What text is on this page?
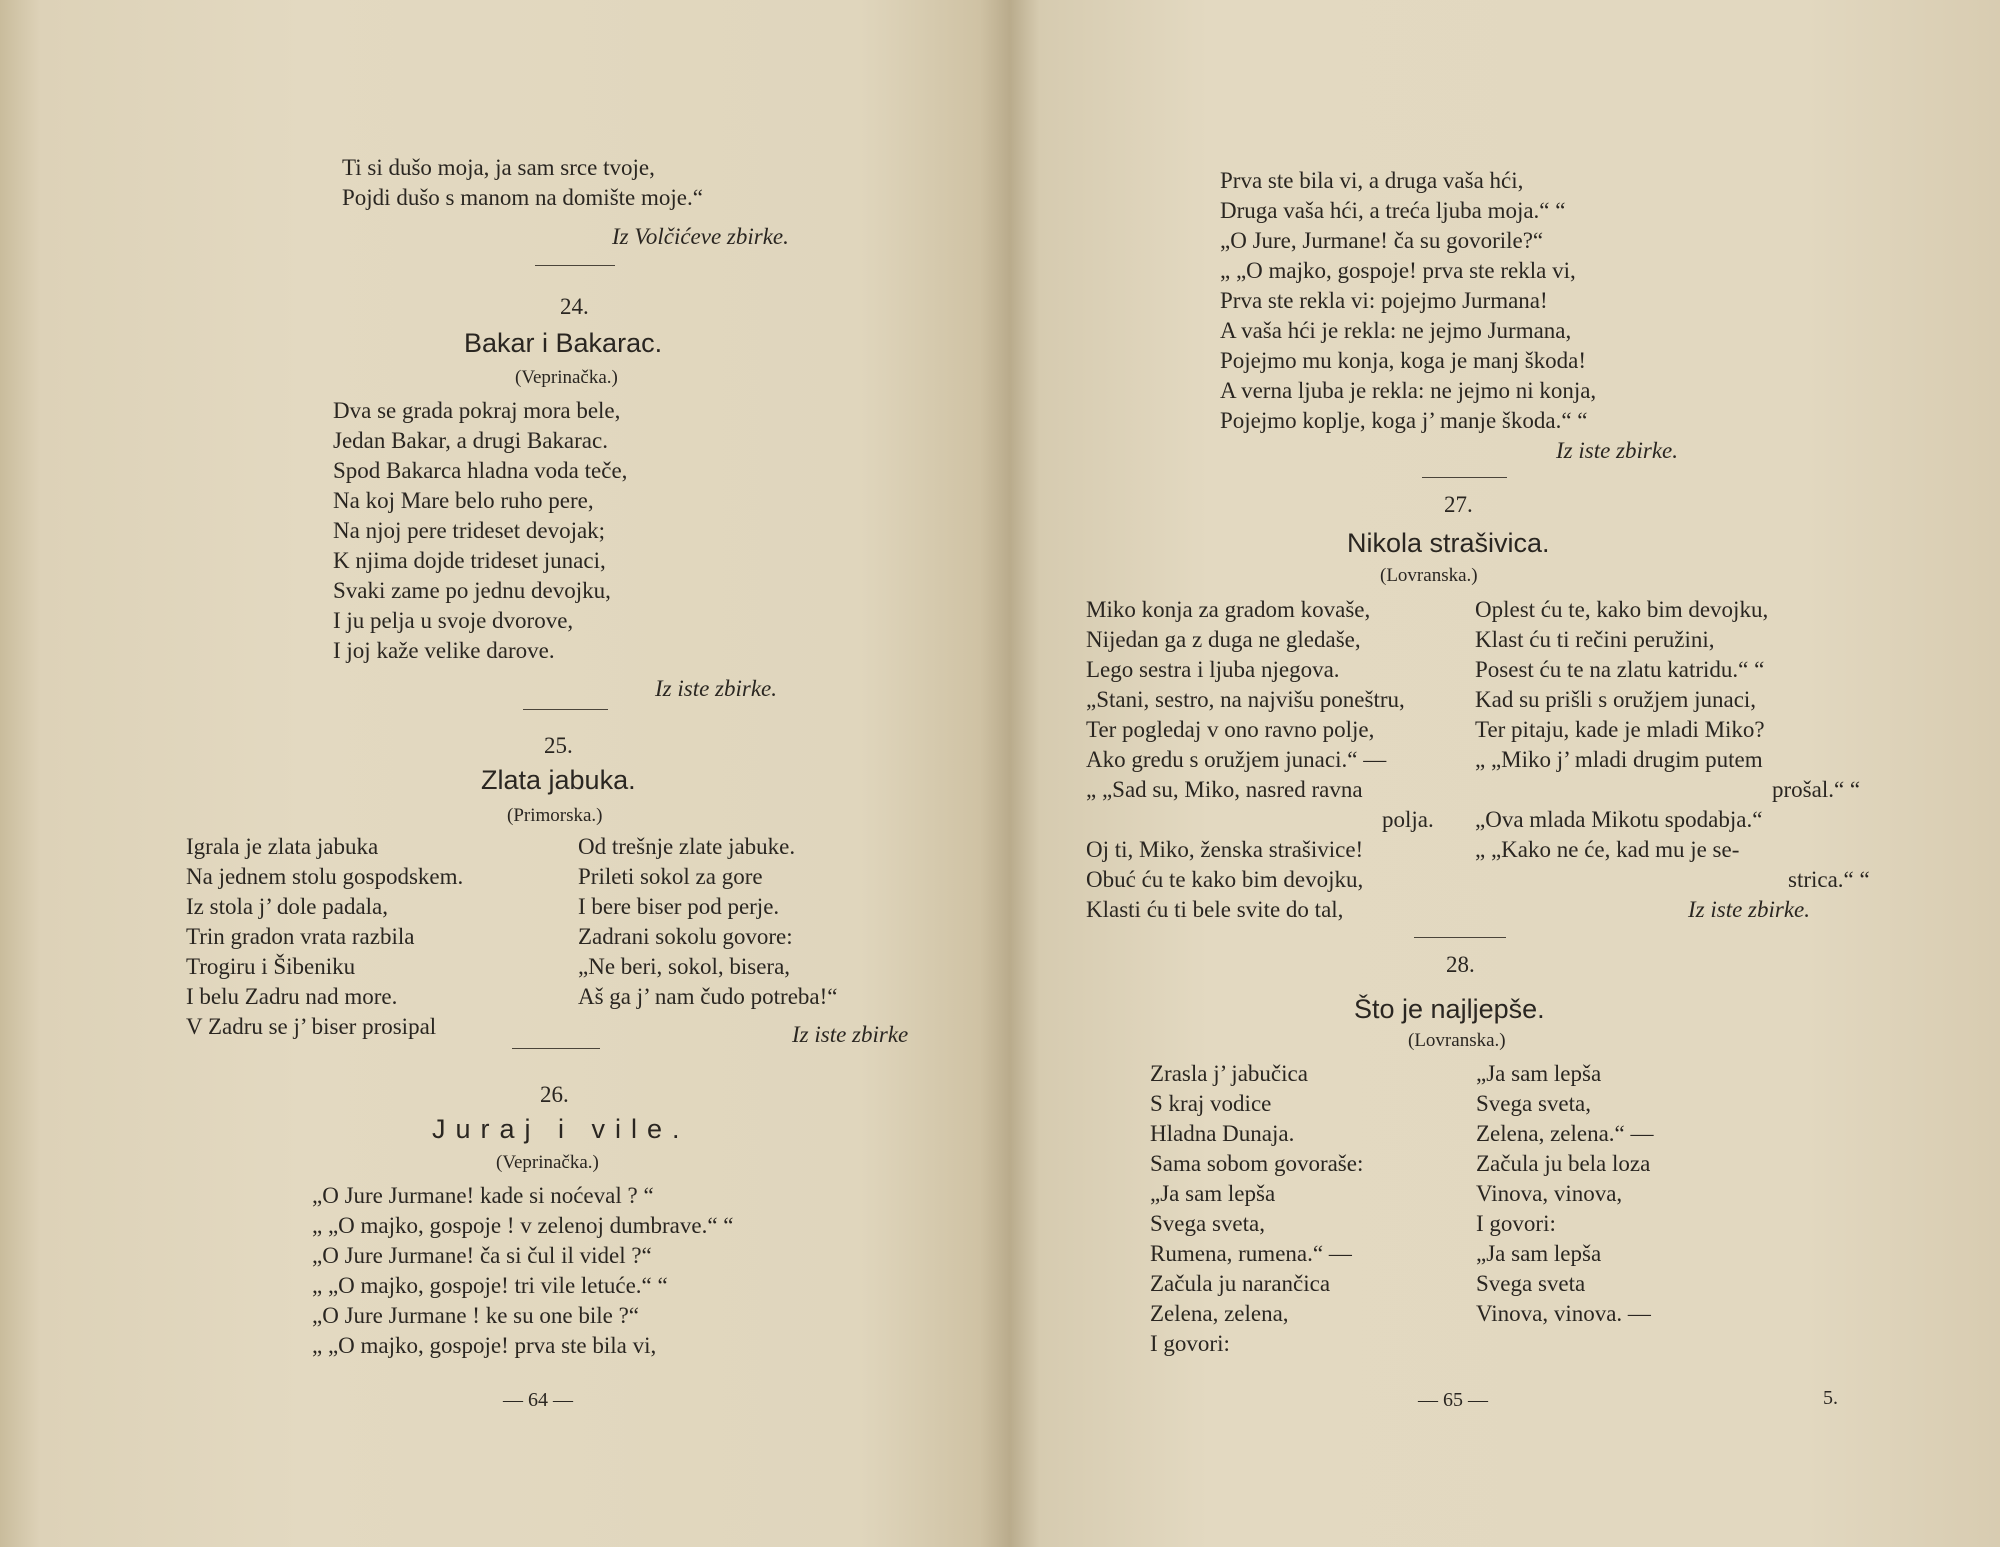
Ti si dušo moja, ja sam srce tvoje,
Pojdi dušo s manom na domište moje.“
Iz Volčićeve zbirke.
24.
Bakar i Bakarac.
(Veprinačka.)
Dva se grada pokraj mora bele,
Jedan Bakar, a drugi Bakarac.
Spod Bakarca hladna voda teče,
Na koj Mare belo ruho pere,
Na njoj pere trideset devojak;
K njima dojde trideset junaci,
Svaki zame po jednu devojku,
I ju pelja u svoje dvorove,
I joj kaže velike darove.
Iz iste zbirke.
25.
Zlata jabuka.
(Primorska.)
Igrala je zlata jabuka
Na jednem stolu gospodskem.
Iz stola j’ dole padala,
Trin gradon vrata razbila
Trogiru i Šibeniku
I belu Zadru nad more.
V Zadru se j’ biser prosipal
Od trešnje zlate jabuke.
Prileti sokol za gore
I bere biser pod perje.
Zadrani sokolu govore:
„Ne beri, sokol, bisera,
Aš ga j’ nam čudo potreba!“
Iz iste zbirke
26.
Juraj i vile.
(Veprinačka.)
„O Jure Jurmane! kade si noćeval ? “
„ „O majko, gospoje ! v zelenoj dumbrave.“ “
„O Jure Jurmane! ča si čul il videl ?“
„ „O majko, gospoje! tri vile letuće.“ “
„O Jure Jurmane ! ke su one bile ?“
„ „O majko, gospoje! prva ste bila vi,
— 64 —
Prva ste bila vi, a druga vaša hći,
Druga vaša hći, a treća ljuba moja.“ “
„O Jure, Jurmane! ča su govorile?“
„ „O majko, gospoje! prva ste rekla vi,
Prva ste rekla vi: pojejmo Jurmana!
A vaša hći je rekla: ne jejmo Jurmana,
Pojejmo mu konja, koga je manj škoda!
A verna ljuba je rekla: ne jejmo ni konja,
Pojejmo koplje, koga j’ manje škoda.“ “
Iz iste zbirke.
27.
Nikola strašivica.
(Lovranska.)
Miko konja za gradom kovaše,
Nijedan ga z duga ne gledaše,
Lego sestra i ljuba njegova.
„Stani, sestro, na najvišu poneštru,
Ter pogledaj v ono ravno polje,
Ako gredu s oružjem junaci.“ —
„ „Sad su, Miko, nasred ravna
polja.
Oj ti, Miko, ženska strašivice!
Obuć ću te kako bim devojku,
Klasti ću ti bele svite do tal,
Oplest ću te, kako bim devojku,
Klast ću ti rečini peružini,
Posest ću te na zlatu katridu.“ “
Kad su prišli s oružjem junaci,
Ter pitaju, kade je mladi Miko?
„ „Miko j’ mladi drugim putem
prošal.“ “
„Ova mlada Mikotu spodabja.“
„ „Kako ne će, kad mu je se-
strica.“ “
Iz iste zbirke.
28.
Što je najljepše.
(Lovranska.)
Zrasla j’ jabučica
S kraj vodice
Hladna Dunaja.
Sama sobom govoraše:
„Ja sam lepša
Svega sveta,
Rumena, rumena.“ —
Začula ju narančica
Zelena, zelena,
I govori:
„Ja sam lepša
Svega sveta,
Zelena, zelena.“ —
Začula ju bela loza
Vinova, vinova,
I govori:
„Ja sam lepša
Svega sveta
Vinova, vinova. —
— 65 —	5.
